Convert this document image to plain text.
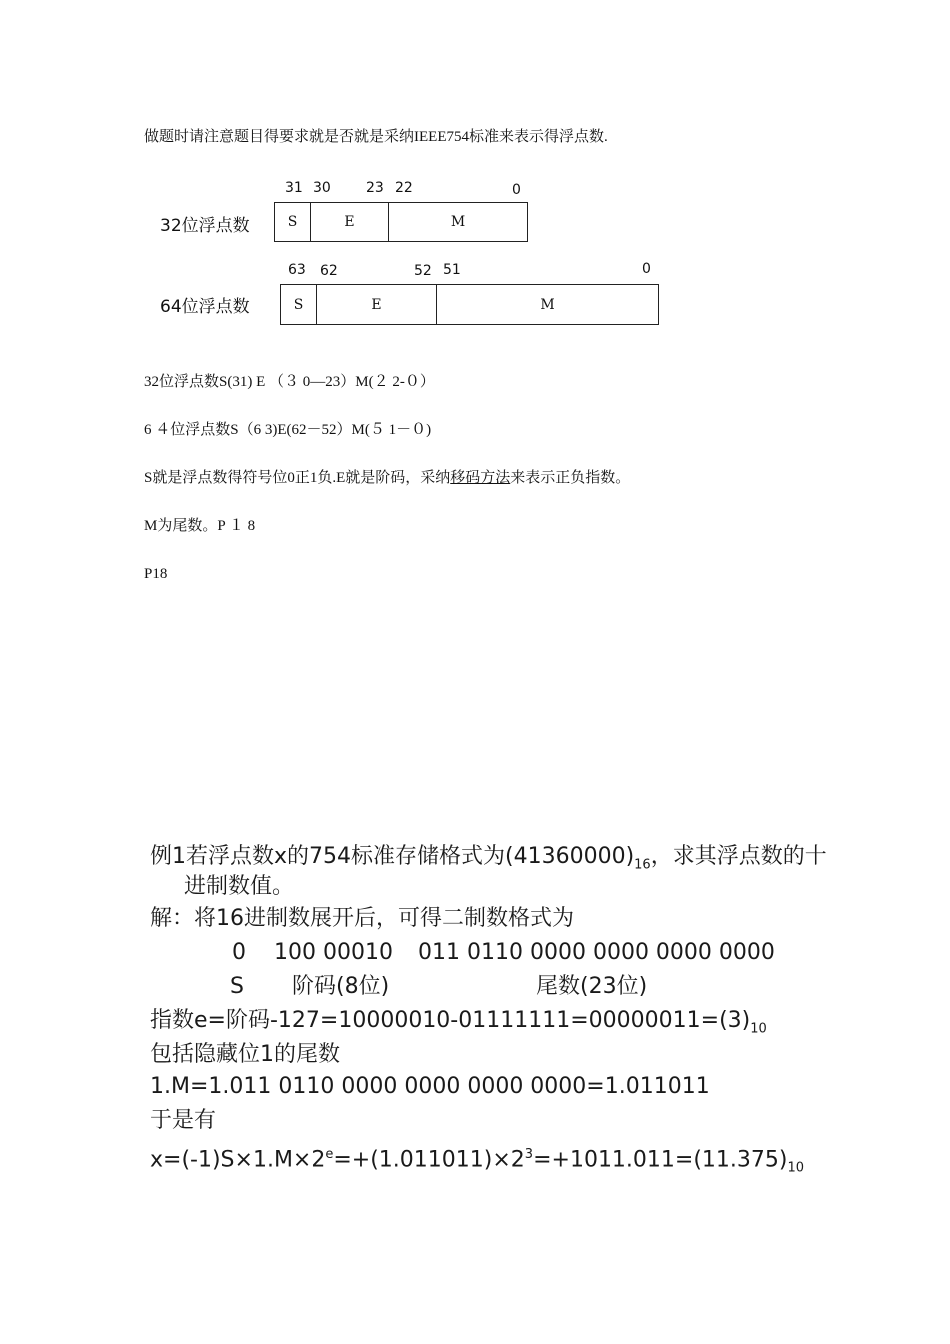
做题时请注意题目得要求就是否就是采纳IEEE754标准来表示得浮点数.
32位浮点数
31 30	23 22	0
S	E	M
64位浮点数
63 62	52 51	0
S	E	M
32位浮点数S(31) E （３ 0—23）M(２ 2-０）
6 ４位浮点数S（6 3)E(62－52）M(５ 1－０)
S就是浮点数得符号位0正1负.E就是阶码，采纳移码方法来表示正负指数。
M为尾数。P １ 8
P18
例1若浮点数x的754标准存储格式为$(41360000)_{16}$，求其浮点数的十
进制数值。
解：将16进制数展开后，可得二制数格式为
0 100 00010 011 0110 0000 0000 0000 0000
S 阶码(8位)	尾数(23位)
指数e=阶码$-127=10000010-01111111=00000011=(3)_{10}$
包括隐藏位1的尾数
1.M=1.011 0110 0000 0000 0000 0000=1.011011
于是有
$x=(-1)S\times 1.M\times 2^e=+(1.011011)\times 2^3=+1011.011=(11.375)_{10}$
